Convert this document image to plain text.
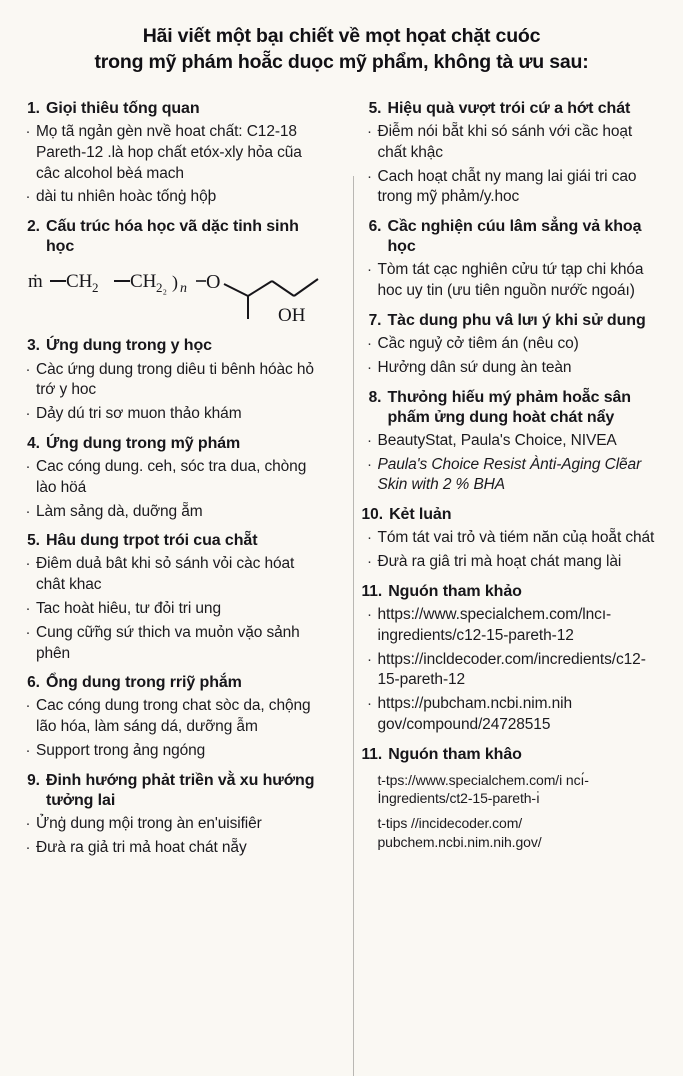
Hãi viết một bạı chiết về mọt họat chặt cuóc
trong mỹ phám hoẵc duọc mỹ phẩm, không tà ưu sau:
1. Giọi thiêu tống quan
· Mọ tã ngản gèn nvề hoat chất: C12-18 Pareth-12 .là hop chất etóx-xly hỏa cũa câc alcohol bèá mach
· dài tu nhiên hoàc tốnģ hộþ
2. Cấu trúc hóa học vã dặc tinh sinh học
ṁ CH 2 CH 2₂ ) n O
OH
3. Ứng dung trong y học
· Càc ứng dung trong diêu ti bênh hóàc hỏ trớ y hoc
· Dảy dú tri sơ muon thảo khám
4. Ứng dung trong mỹ phám
· Cac cóng dung. ceh, sóc tra dua, chòng lào höá
· Làm sảng dà, duỡng ẵm
5. Hâu dung trpot trói cua chẵt
· Điêm duả bât khi sỏ sánh vỏi càc hóat chât khac
· Tac hoàt hiêu, tư đỏi tri ung
· Cung cữ̃ng sứ thich va muỏn vặo sảnh phên
6. Ổng dung trong rriỹ phắm
· Cac cóng dung trong chat sòc da, chộng lão hóa, làm sáng dá, dưỡng ẫm
· Support trong ảng ngóng
9. Đinh hướng phảt triền vằ xu hướng tưởng lai
· Ửnģ dung mội trong àn en'uisifiêr
· Đưà ra giả tri mả hoat chát nẵy
5. Hiệu quà vượt trói cứ a hớt chát
· Điễm nói bẵt khi só sánh với cầc hoạt chất khậc
· Cach hoạt chẫt ny mang lai giái tri cao trong mỹ phảm/y.hoc
6. Cầc nghiện cúu lâm sẳng vả khoạ học
· Tòm tát cạc nghiên cửu tứ tạp chi khóa hoc uy tin (ưu tiên nguồn nướ̆c ngoáı)
7. Tàc dung phu vâ lưı ý khi sử dung
· Cầc nguỷ cở tiêm án (nêu co)
· Hưởng dân sứ dung àn teàn
8. Thưỏng hiếu mý phảm hoẵc sân phấm ửng dung hoàt chát nẩy
· BeautyStat, Paula's Choice, NIVEA
· Paula's Choice Resist Ànti-Aging Clẽar Skin with 2 % BHA
10. Kẻt luản
· Tóm tát vai trỏ và tiém năn củạ hoẵt chát
· Đưà ra giâ tri mà hoạt chát mang lài
11. Nguón tham khảo
· https://www.specialchem.com/lncı-ingredients/c12-15-pareth-12
· https://incldecoder.com/incredients/c12-15-pareth-12
· https://pubcham.ncbi.nim.nih gov/compound/24728515
11. Nguón tham khâo
t-tps://www.specialchem.com/i ncı́-İngredients/ct2-15-pareth-ı̇
t-tips //incidecoder.com/ pubchem.ncbi.nim.nih.gov/
